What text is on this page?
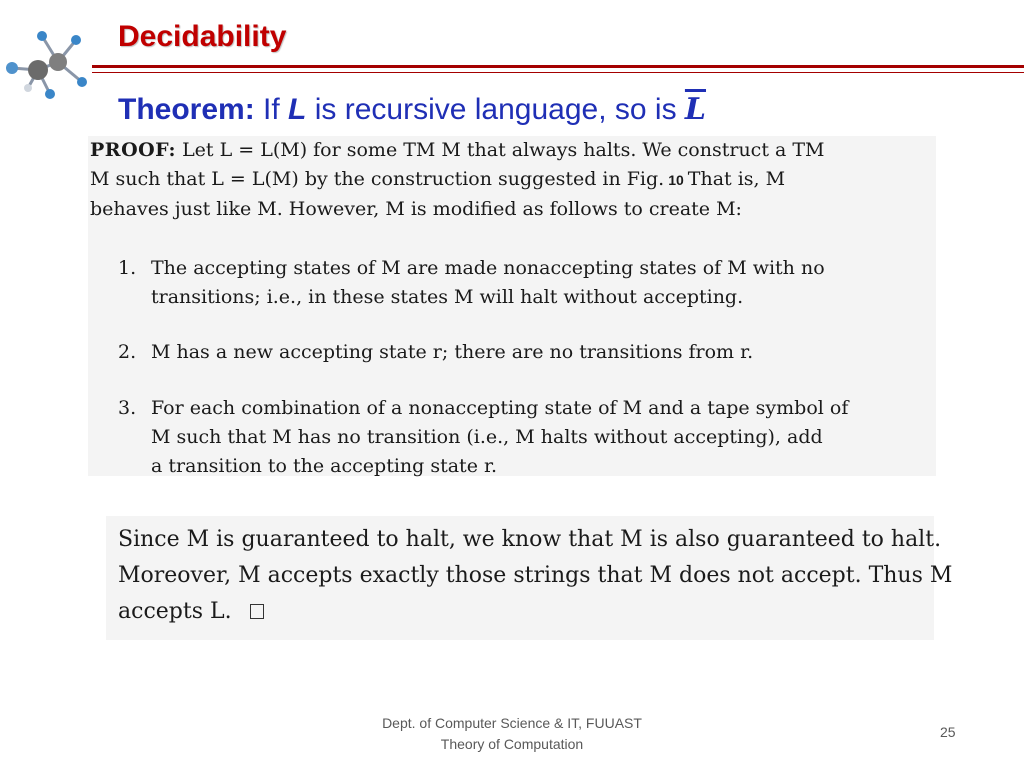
Decidability
Theorem: If L is recursive language, so is $\overline{L}$

PROOF: Let L = L(M) for some TM M that always halts. We construct a TM

M such that L = L(M) by the construction suggested in Fig. 10 That is, M

behaves just like M. However, M is modified as follows to create M:

1. The accepting states of M are made nonaccepting states of M with no

transitions; i.e., in these states M will halt without accepting.

2. M has a new accepting state r; there are no transitions from r.

3. For each combination of a nonaccepting state of M and a tape symbol of

M such that M has no transition (i.e., M halts without accepting), add

a transition to the accepting state r.

Since M is guaranteed to halt, we know that M is also guaranteed to halt.

Moreover, M accepts exactly those strings that M does not accept. Thus M

accepts L.

Dept. of Computer Science & IT, FUUAST
Theory of Computation
25
